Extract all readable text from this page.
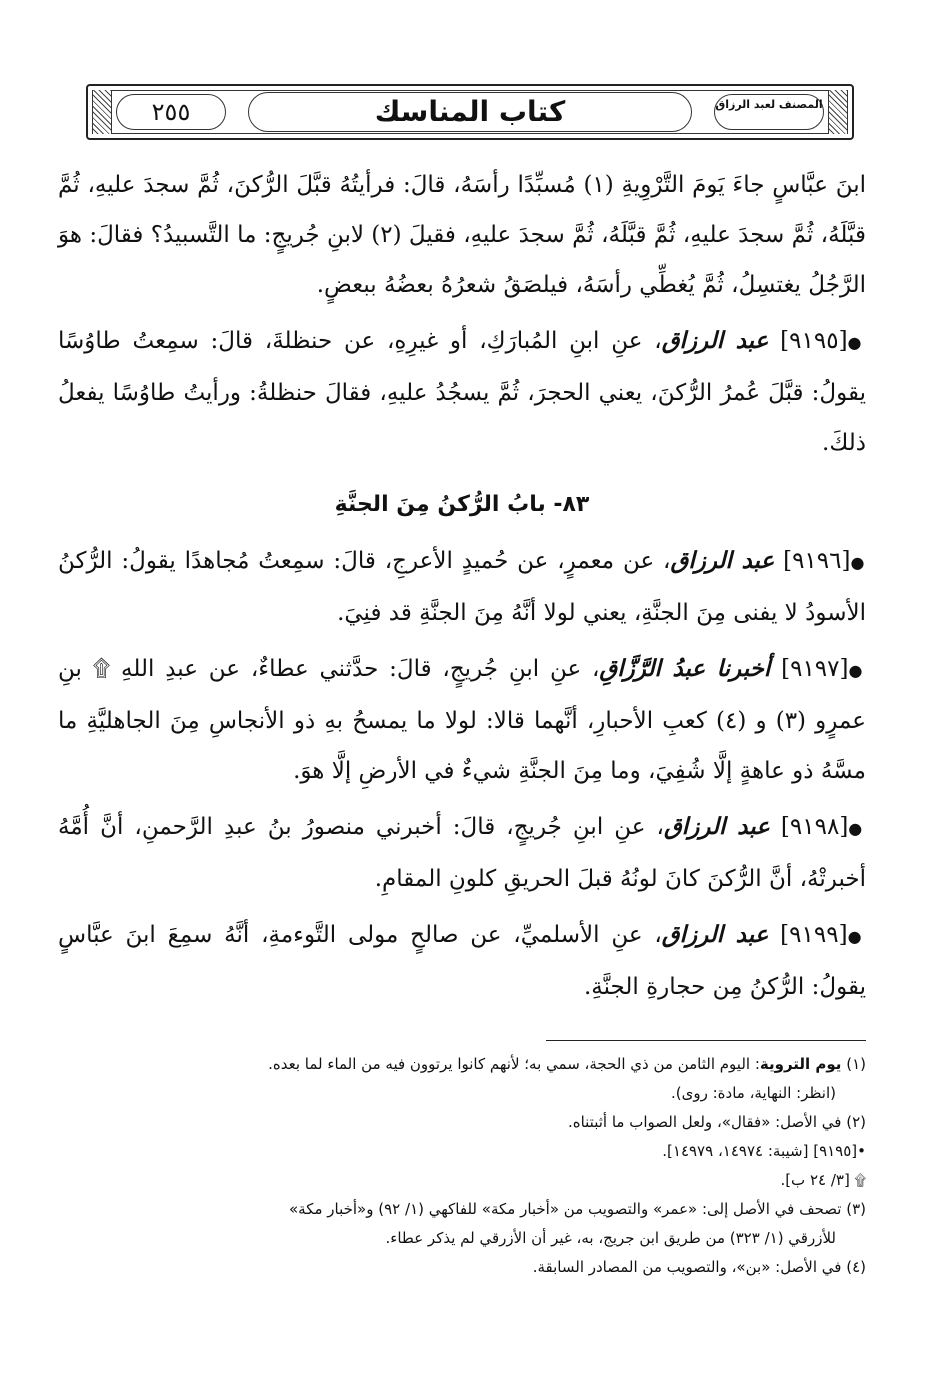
٢٥٥	كتاب المناسك	المصنف لعبد الرزاق

ابنَ عبَّاسٍ جاءَ يَومَ التَّرْوِيةِ (١) مُسبِّدًا رأسَهُ، قالَ: فرأيتُهُ قبَّلَ الرُّكنَ، ثُمَّ سجدَ عليهِ، ثُمَّ قبَّلَهُ، ثُمَّ سجدَ عليهِ، ثُمَّ قبَّلَهُ، ثُمَّ سجدَ عليهِ، فقيلَ (٢) لابنِ جُريجٍ: ما التَّسبيدُ؟ فقالَ: هوَ الرَّجُلُ يغتسِلُ، ثُمَّ يُغطِّي رأسَهُ، فيلصَقُ شعرُهُ بعضُهُ ببعضٍ.

●[٩١٩٥] عبد الرزاق، عنِ ابنِ المُبارَكِ، أو غيرِهِ، عن حنظلةَ، قالَ: سمِعتُ طاوُسًا يقولُ: قبَّلَ عُمرُ الرُّكنَ، يعني الحجرَ، ثُمَّ يسجُدُ عليهِ، فقالَ حنظلةُ: ورأيتُ طاوُسًا يفعلُ ذلكَ.

٨٣- بابُ الرُّكنُ مِنَ الجنَّةِ

●[٩١٩٦] عبد الرزاق، عن معمرٍ، عن حُميدٍ الأعرجِ، قالَ: سمِعتُ مُجاهدًا يقولُ: الرُّكنُ الأسودُ لا يفنى مِنَ الجنَّةِ، يعني لولا أنَّهُ مِنَ الجنَّةِ قد فنِيَ.

●[٩١٩٧] أخبرنا عبدُ الرَّزَّاقِ، عنِ ابنِ جُريجٍ، قالَ: حدَّثني عطاءٌ، عن عبدِ اللهِ ۩ بنِ عمرٍو (٣) و (٤) كعبِ الأحبارِ، أنَّهما قالا: لولا ما يمسحُ بهِ ذو الأنجاسِ مِنَ الجاهليَّةِ ما مسَّهُ ذو عاهةٍ إلَّا شُفِيَ، وما مِنَ الجنَّةِ شيءٌ في الأرضِ إلَّا هوَ.

●[٩١٩٨] عبد الرزاق، عنِ ابنِ جُريجٍ، قالَ: أخبرني منصورُ بنُ عبدِ الرَّحمنِ، أنَّ أُمَّهُ أخبرتْهُ، أنَّ الرُّكنَ كانَ لونُهُ قبلَ الحريقِ كلونِ المقامِ.

●[٩١٩٩] عبد الرزاق، عنِ الأسلميِّ، عن صالحٍ مولى التَّوءمةِ، أنَّهُ سمِعَ ابنَ عبَّاسٍ يقولُ: الرُّكنُ مِن حجارةِ الجنَّةِ.

(١) يوم التروية: اليوم الثامن من ذي الحجة، سمي به؛ لأنهم كانوا يرتوون فيه من الماء لما بعده.

(انظر: النهاية، مادة: روى).

(٢) في الأصل: «فقال»، ولعل الصواب ما أثبتناه.

•[٩١٩٥] [شيبة: ١٤٩٧٤، ١٤٩٧٩].

۩ [٣/ ٢٤ ب].

(٣) تصحف في الأصل إلى: «عمر» والتصويب من «أخبار مكة» للفاكهي (١/ ٩٢) و«أخبار مكة»

للأزرقي (١/ ٣٢٣) من طريق ابن جريج، به، غير أن الأزرقي لم يذكر عطاء.

(٤) في الأصل: «بن»، والتصويب من المصادر السابقة.
